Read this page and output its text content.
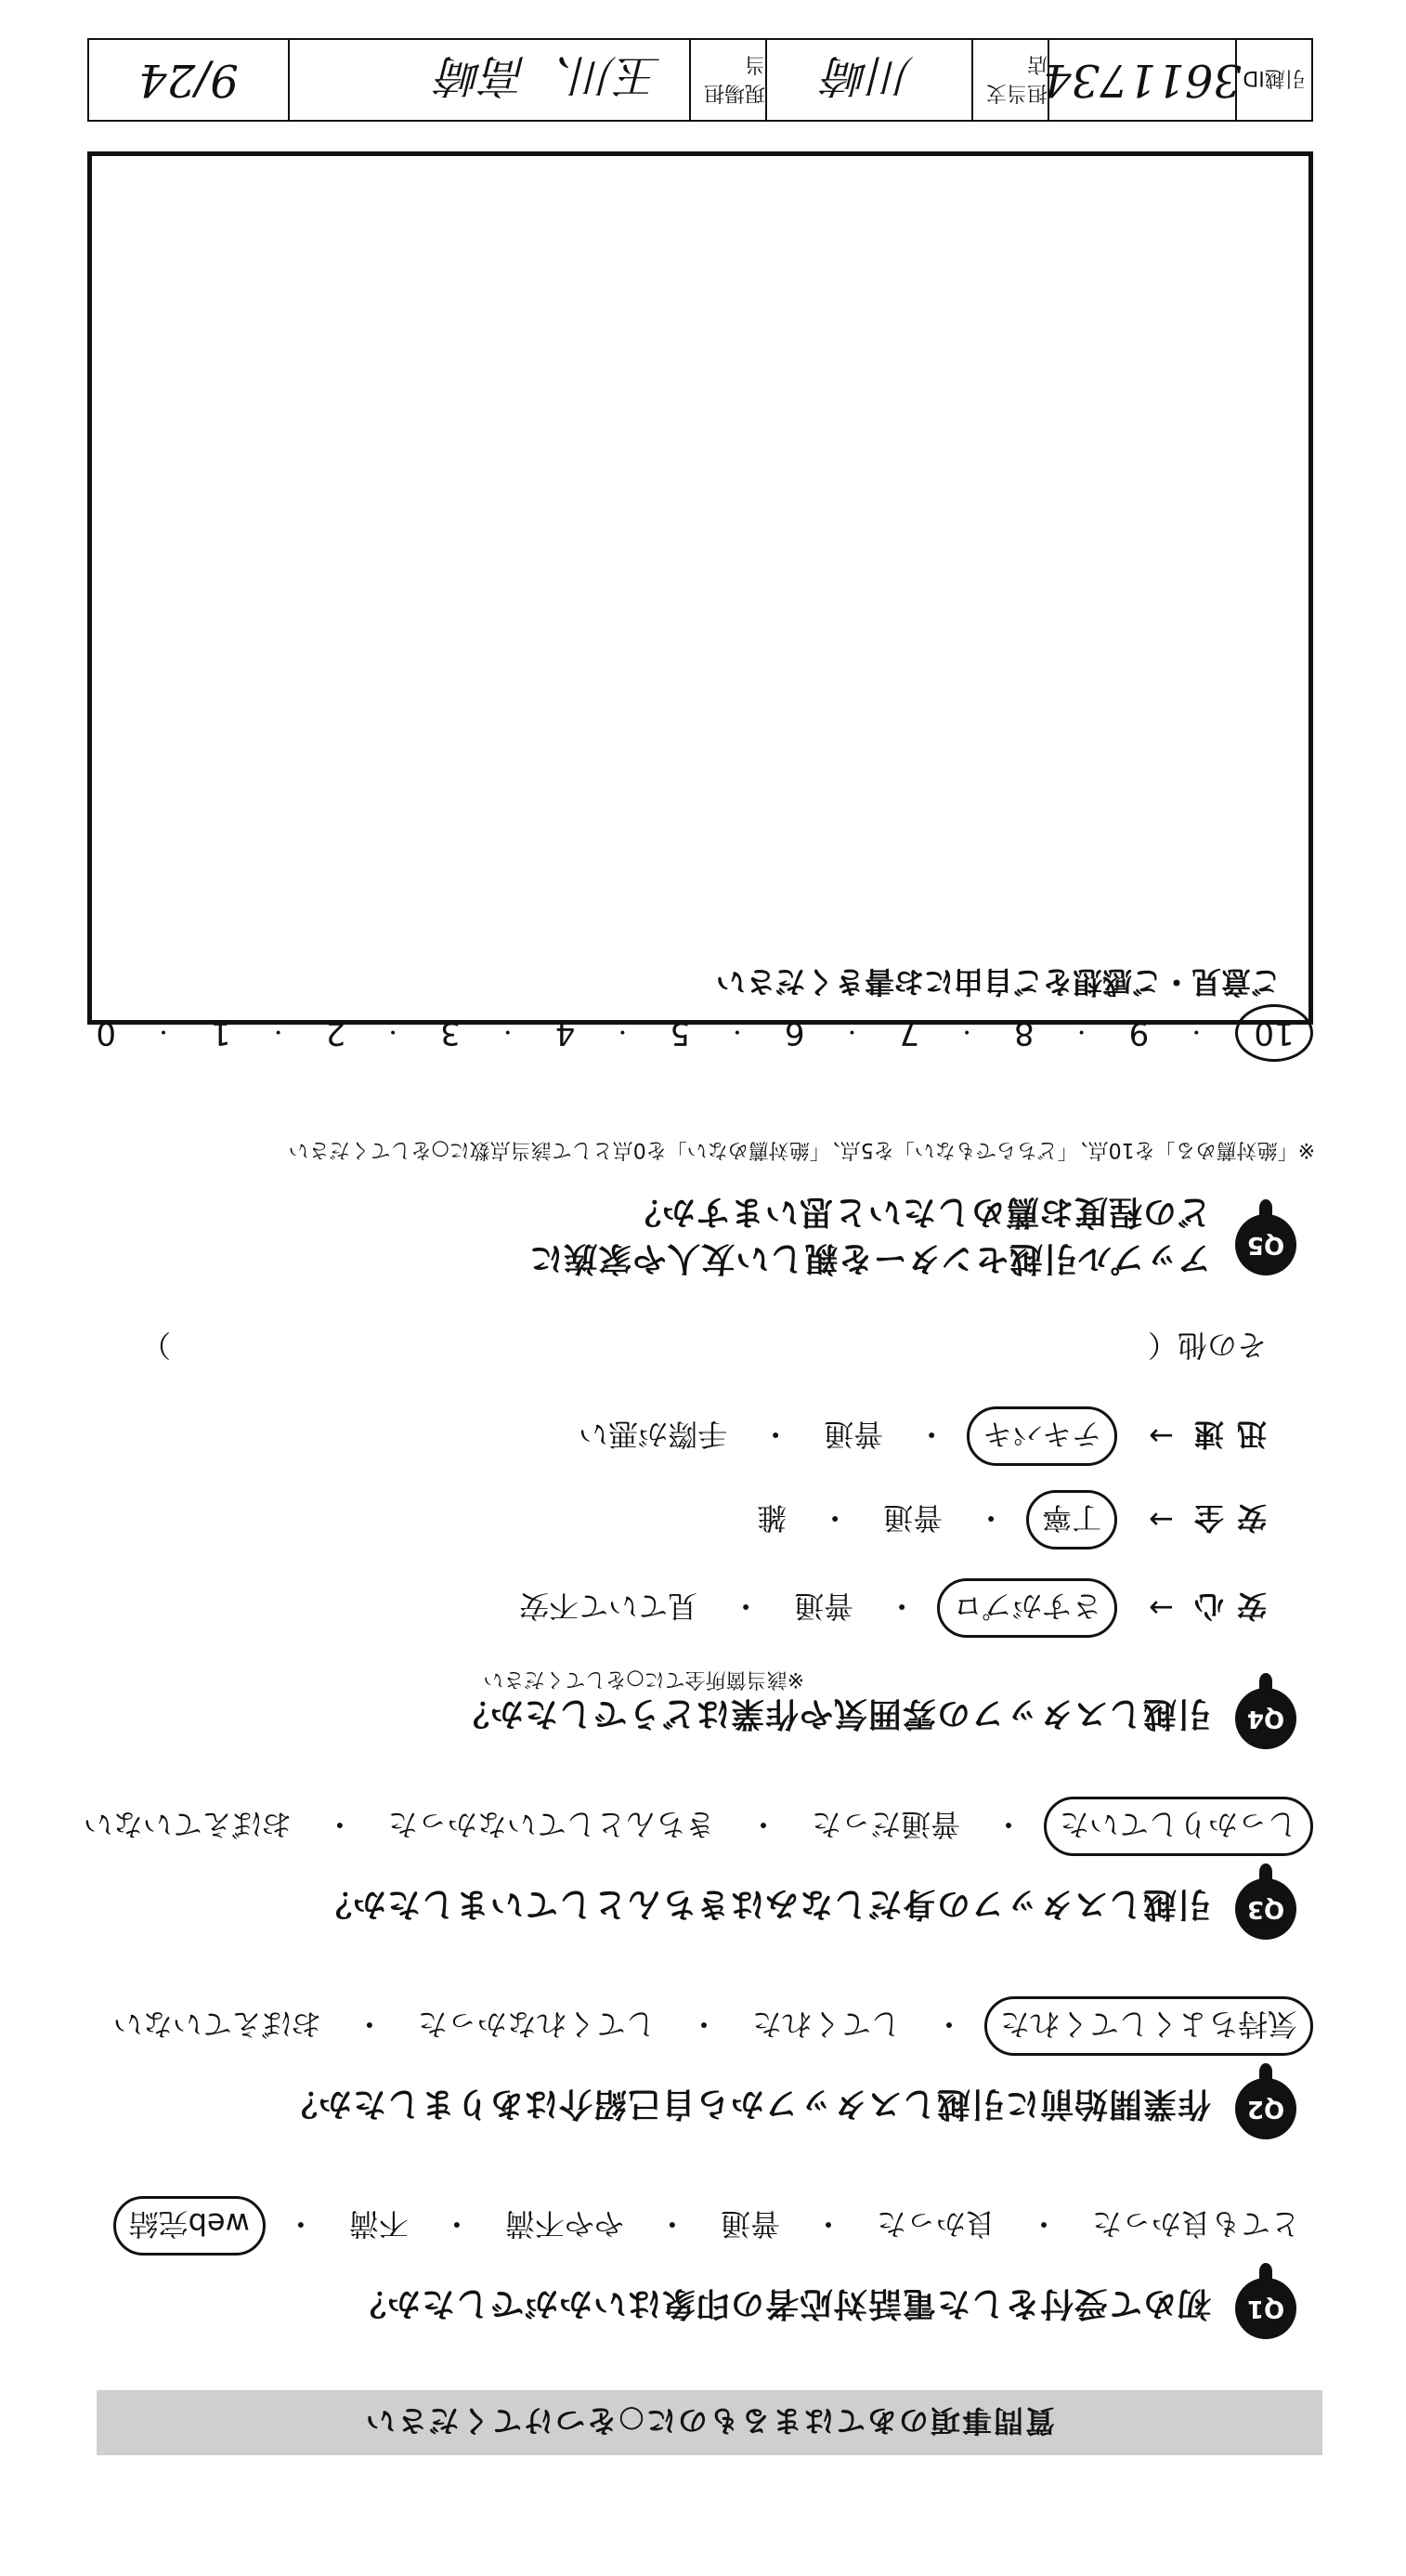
質問事項のあてはまるものに○をつけてください
Q1
初めて受付をした電話対応者の印象はいかがでしたか？
とても良かった
・
良かった
・
普通
・
やや不満
・
不満
・
web完結
Q2
作業開始前に引越しスタッフから自己紹介はありましたか？
気持ちよくしてくれた
・
してくれた
・
してくれなかった
・
おぼえていない
Q3
引越しスタッフの身だしなみはきちんとしていましたか？
しっかりしていた
・
普通だった
・
きちんとしていなかった
・
おぼえていない
Q4
引越しスタッフの雰囲気や作業はどうでしたか？
※該当箇所全てに○をしてください
安心
→
さすがプロ
・
普通
・
見ていて不安
安全
→
丁寧
・
普通
・
雑
迅速
→
テキパキ
・
普通
・
手際が悪い
その他（
）
Q5
アップル引越センターを親しい友人や家族に
どの程度お薦めしたいと思いますか？
※「絶対薦める」を10点、「どちらでもない」を5点、「絶対薦めない」を0点として該当点数に○をしてください
10
・
9
・
8
・
7
・
6
・
5
・
4
・
3
・
2
・
1
・
0
ご意見・ご感想をご自由にお書きください
引越ID
3611734
担当支店
川崎
現場担当
玉川、高崎
9/24
